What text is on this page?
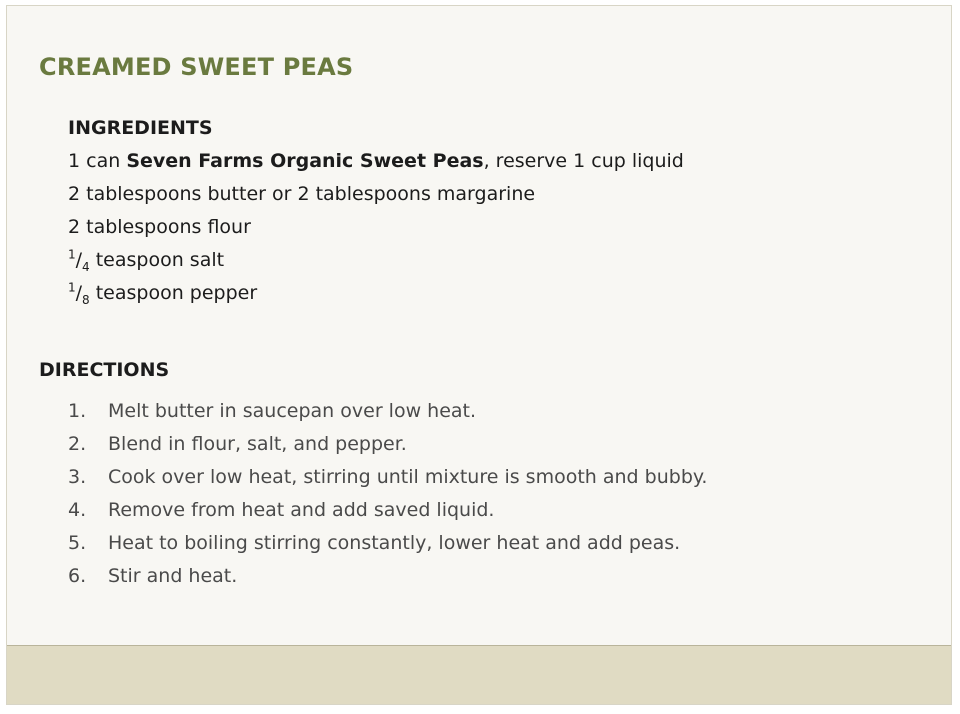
CREAMED SWEET PEAS
INGREDIENTS
1 can Seven Farms Organic Sweet Peas, reserve 1 cup liquid
2 tablespoons butter or 2 tablespoons margarine
2 tablespoons flour
$^1/_4$ teaspoon salt
$^1/_8$ teaspoon pepper
DIRECTIONS
1. Melt butter in saucepan over low heat.
2. Blend in flour, salt, and pepper.
3. Cook over low heat, stirring until mixture is smooth and bubby.
4. Remove from heat and add saved liquid.
5. Heat to boiling stirring constantly, lower heat and add peas.
6. Stir and heat.
